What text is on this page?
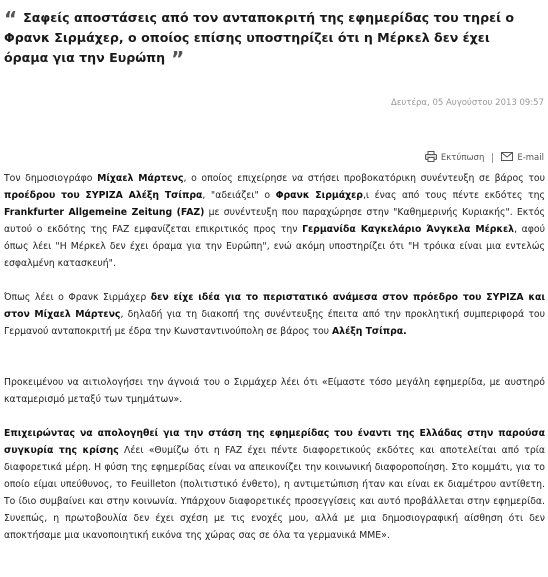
“ Σαφείς αποστάσεις από τον ανταποκριτή της εφημερίδας του τηρεί ο Φρανκ Σιρμάχερ, ο οποίος επίσης υποστηρίζει ότι η Μέρκελ δεν έχει όραμα για την Ευρώπη ”
Δευτέρα, 05 Αυγούστου 2013 09:57
Εκτύπωση	E-mail

Τον δημοσιογράφο Μίχαελ Μάρτενς, ο οποίος επιχείρησε να στήσει προβοκατόρικη συνέντευξη σε βάρος του προέδρου του ΣΥΡΙΖΑ Αλέξη Τσίπρα, "αδειάζει" ο Φρανκ Σιρμάχερ,ι ένας από τους πέντε εκδότες της Frankfurter Allgemeine Zeitung (FAZ) με συνέντευξη που παραχώρησε στην "Καθημερινής Κυριακής". Εκτός αυτού ο εκδότης της FAZ εμφανίζεται επικριτικός προς την Γερμανίδα Καγκελάριο Άνγκελα Μέρκελ, αφού όπως λέει "Η Μέρκελ δεν έχει όραμα για την Ευρώπη", ενώ ακόμη υποστηρίζει ότι "Η τρόικα είναι μια εντελώς εσφαλμένη κατασκευή".

Όπως λέει ο Φρανκ Σιρμάχερ δεν είχε ιδέα για το περιστατικό ανάμεσα στον πρόεδρο του ΣΥΡΙΖΑ και στον Μίχαελ Μάρτενς, δηλαδή για τη διακοπή της συνέντευξης έπειτα από την προκλητική συμπεριφορά του Γερμανού ανταποκριτή με έδρα την Κωνσταντινούπολη σε βάρος του Αλέξη Τσίπρα.

Προκειμένου να αιτιολογήσει την άγνοιά του ο Σιρμάχερ λέει ότι «Είμαστε τόσο μεγάλη εφημερίδα, με αυστηρό καταμερισμό μεταξύ των τμημάτων».

Επιχειρώντας να απολογηθεί για την στάση της εφημερίδας του έναντι της Ελλάδας στην παρούσα συγκυρία της κρίσης Λέει «Θυμίζω ότι η FAZ έχει πέντε διαφορετικούς εκδότες και αποτελείται από τρία διαφορετικά μέρη. Η φύση της εφημερίδας είναι να απεικονίζει την κοινωνική διαφοροποίηση. Στο κομμάτι, για το οποίο είμαι υπεύθυνος, το Feuilleton (πολιτιστικό ένθετο), η αντιμετώπιση ήταν και είναι εκ διαμέτρου αντίθετη. Το ίδιο συμβαίνει και στην κοινωνία. Υπάρχουν διαφορετικές προσεγγίσεις και αυτό προβάλλεται στην εφημερίδα. Συνεπώς, η πρωτοβουλία δεν έχει σχέση με τις ενοχές μου, αλλά με μια δημοσιογραφική αίσθηση ότι δεν αποκτήσαμε μια ικανοποιητική εικόνα της χώρας σας σε όλα τα γερμανικά ΜΜΕ».
